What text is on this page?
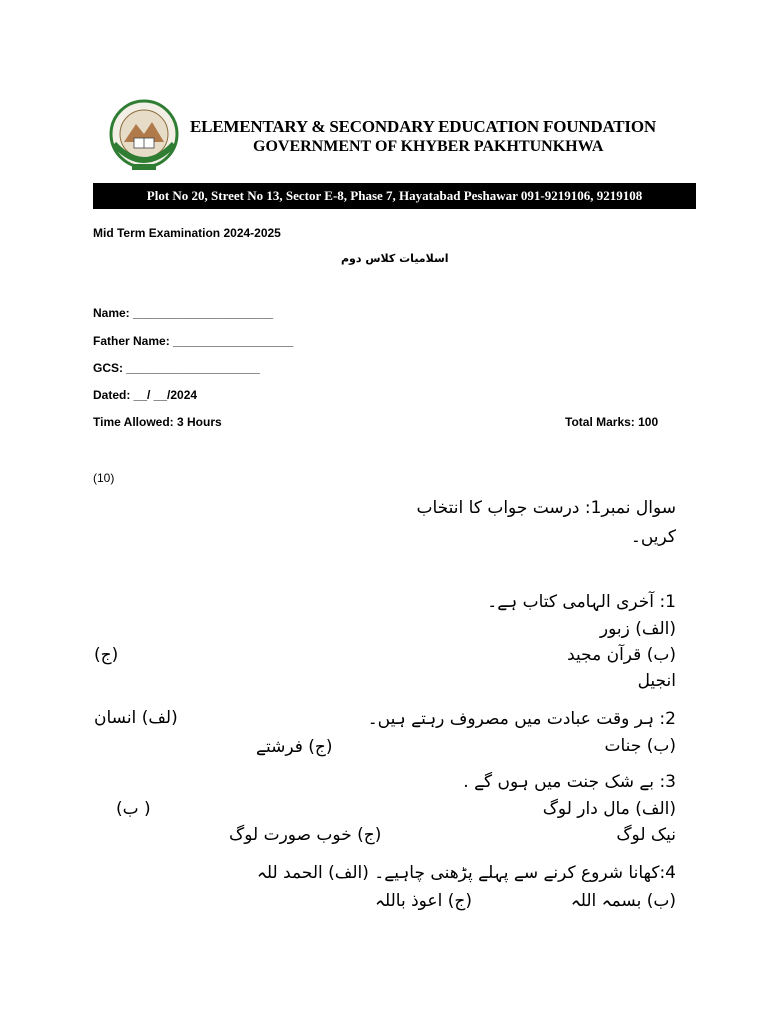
ELEMENTARY & SECONDARY EDUCATION FOUNDATION
GOVERNMENT OF KHYBER PAKHTUNKHWA
Plot No 20, Street No 13, Sector E-8, Phase 7, Hayatabad Peshawar 091-9219106, 9219108
Mid Term Examination 2024-2025
اسلامیات کلاس دوم
Name: _____________________
Father Name: __________________
GCS: ____________________
Dated: __/ __/2024
Time Allowed: 3 Hours	Total Marks: 100
(10)
سوال نمبر1: درست جواب کا انتخاب
کریں۔
1: آخری الہامی کتاب ہے۔
(الف) زبور
(ب) قرآن مجید
(ج)
انجیل
2: ہر وقت عبادت میں مصروف رہتے ہیں۔
(لف) انسان
(ب) جنات
(ج) فرشتے
3: بے شک جنت میں ہوں گے .
(الف) مال دار لوگ
( ب)
نیک لوگ
(ج) خوب صورت لوگ
4:کھانا شروع کرنے سے پہلے پڑھنی چاہیے۔ (الف) الحمد للہ
(ب) بسمہ اللہ
(ج) اعوذ باللہ
